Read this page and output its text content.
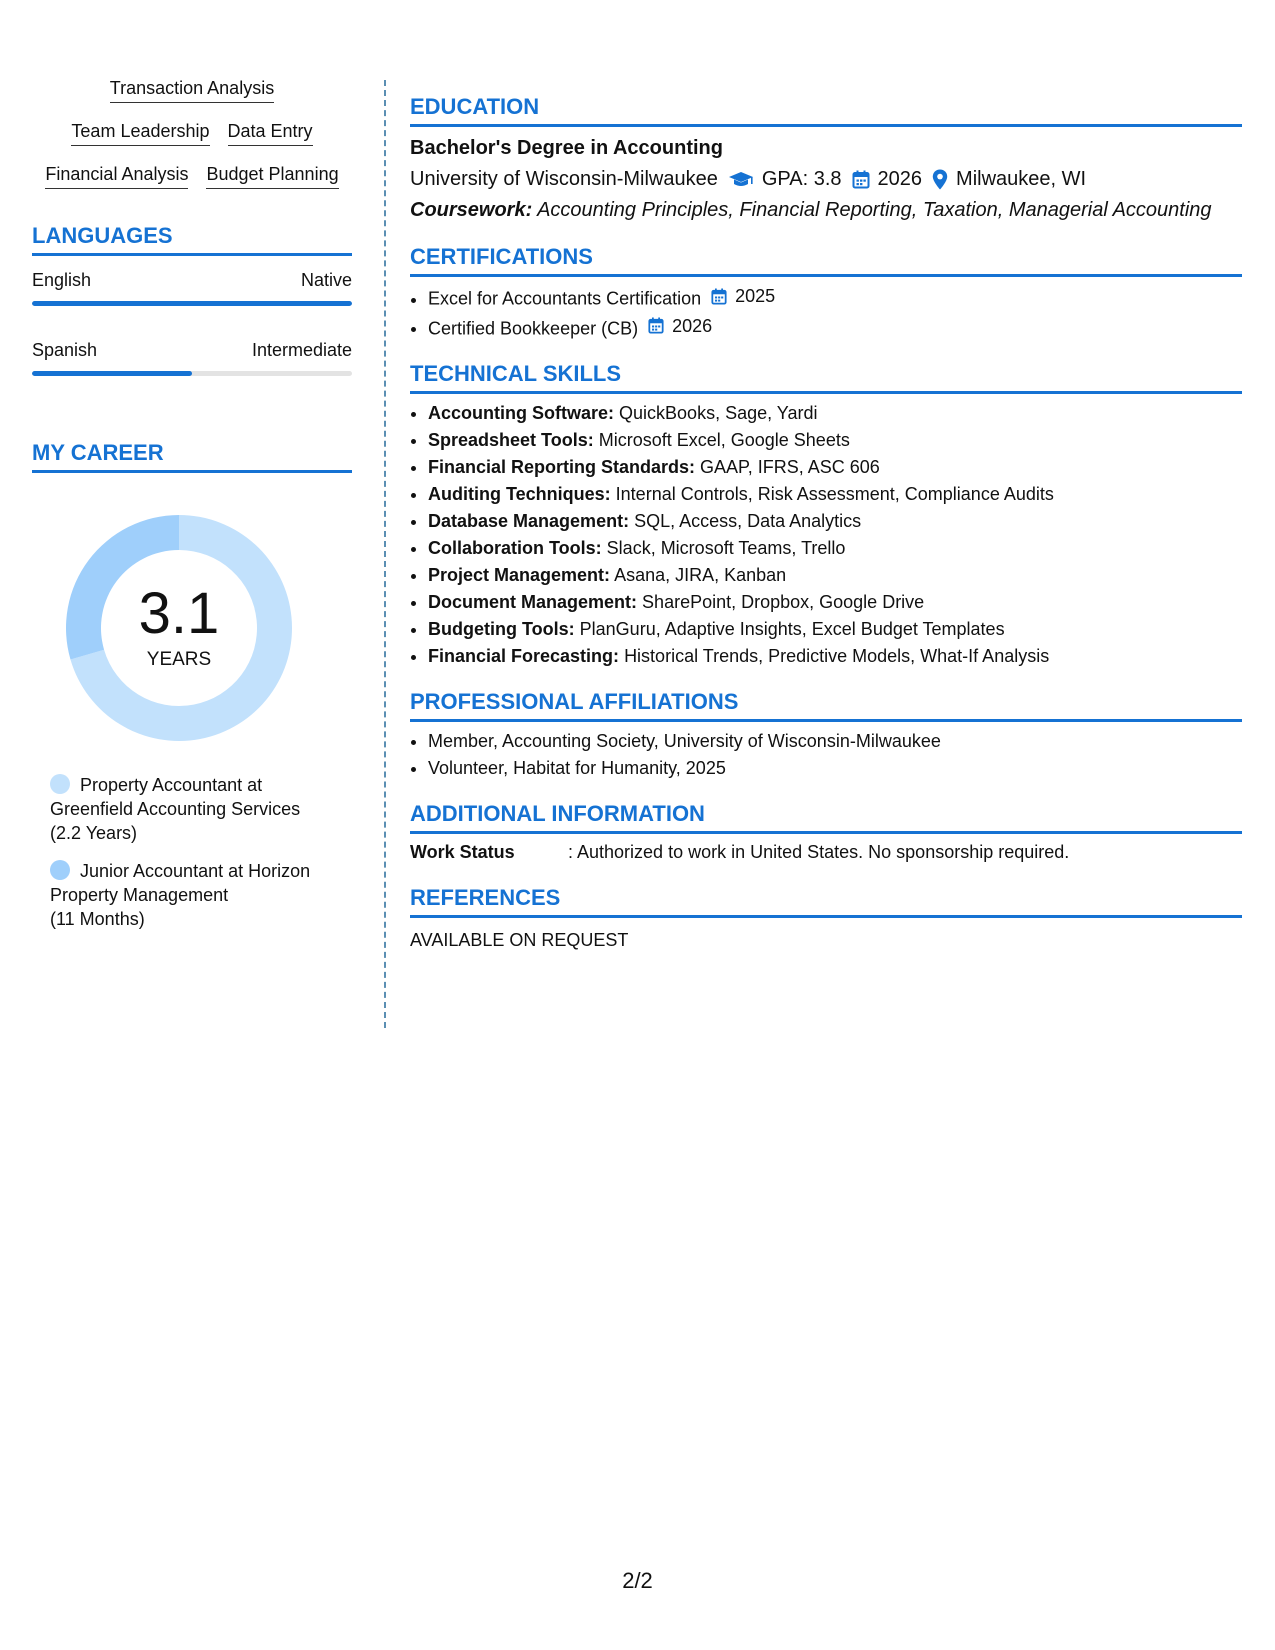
Transaction Analysis
Team Leadership Data Entry
Financial Analysis Budget Planning
LANGUAGES
English	Native
Spanish	Intermediate
MY CAREER
3.1
YEARS
Property Accountant at Greenfield Accounting Services
(2.2 Years)
Junior Accountant at Horizon Property Management
(11 Months)
EDUCATION
Bachelor's Degree in Accounting
University of Wisconsin-Milwaukee GPA: 3.8 2026 Milwaukee, WI
Coursework: Accounting Principles, Financial Reporting, Taxation, Managerial Accounting
CERTIFICATIONS
• Excel for Accountants Certification 2025
• Certified Bookkeeper (CB) 2026
TECHNICAL SKILLS
• Accounting Software: QuickBooks, Sage, Yardi
• Spreadsheet Tools: Microsoft Excel, Google Sheets
• Financial Reporting Standards: GAAP, IFRS, ASC 606
• Auditing Techniques: Internal Controls, Risk Assessment, Compliance Audits
• Database Management: SQL, Access, Data Analytics
• Collaboration Tools: Slack, Microsoft Teams, Trello
• Project Management: Asana, JIRA, Kanban
• Document Management: SharePoint, Dropbox, Google Drive
• Budgeting Tools: PlanGuru, Adaptive Insights, Excel Budget Templates
• Financial Forecasting: Historical Trends, Predictive Models, What-If Analysis
PROFESSIONAL AFFILIATIONS
• Member, Accounting Society, University of Wisconsin-Milwaukee
• Volunteer, Habitat for Humanity, 2025
ADDITIONAL INFORMATION
Work Status	: Authorized to work in United States. No sponsorship required.
REFERENCES
AVAILABLE ON REQUEST
2/2
